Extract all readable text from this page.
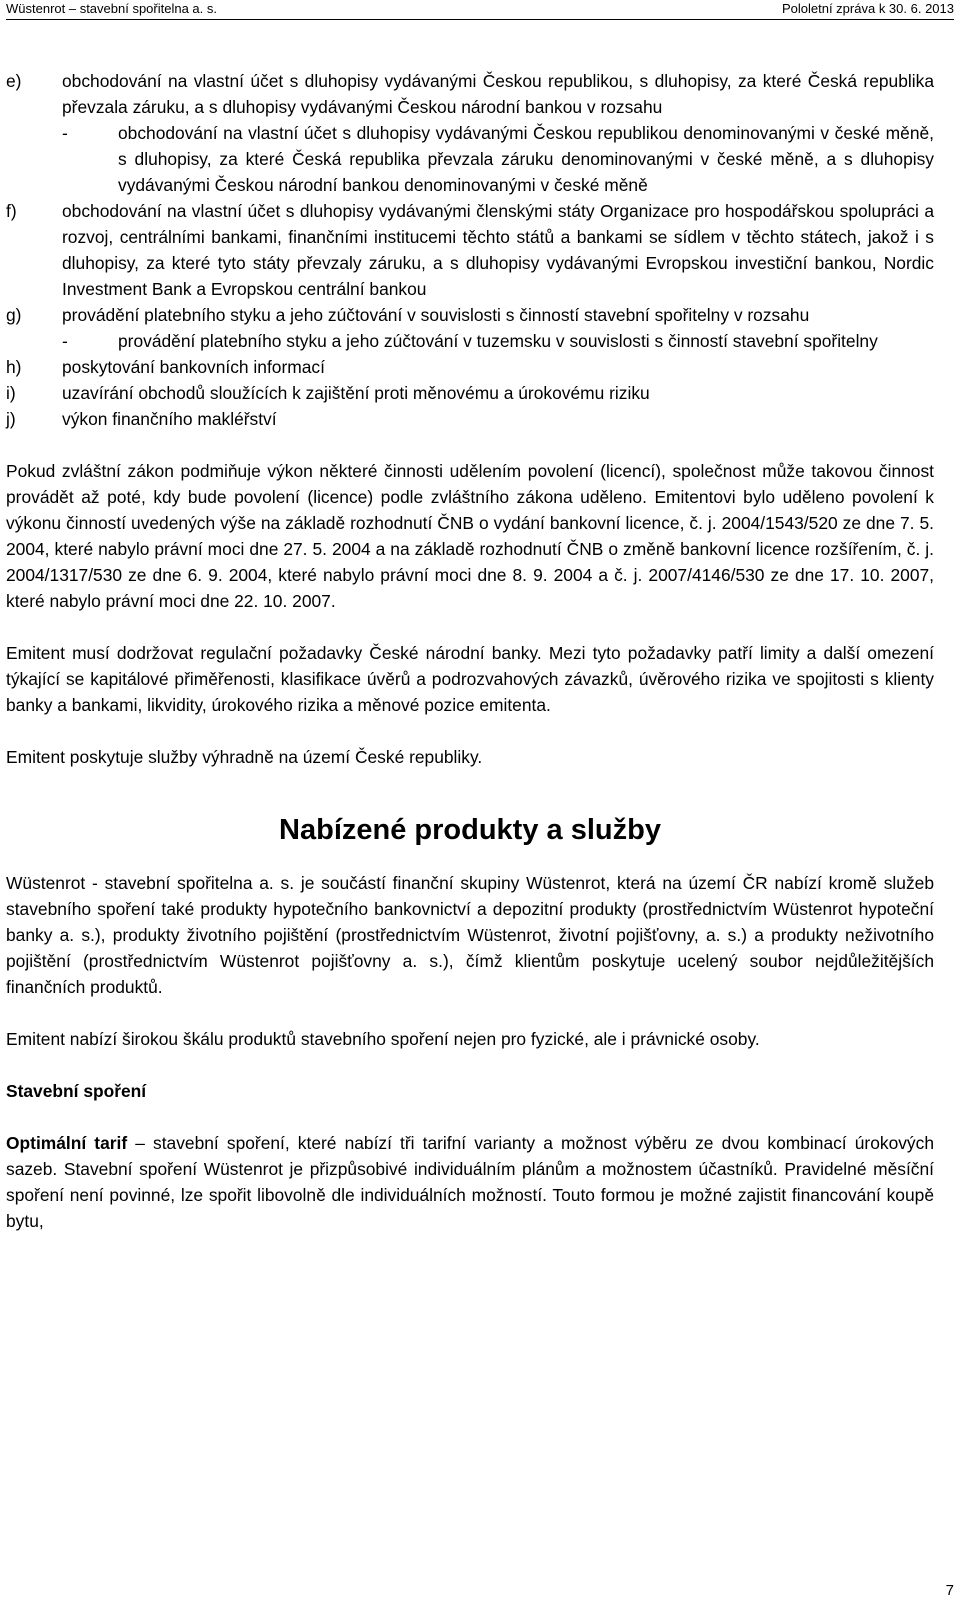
Wüstenrot – stavební spořitelna a. s.	Pololetní zpráva k 30. 6. 2013
e) obchodování na vlastní účet s dluhopisy vydávanými Českou republikou, s dluhopisy, za které Česká republika převzala záruku, a s dluhopisy vydávanými Českou národní bankou v rozsahu
-	obchodování na vlastní účet s dluhopisy vydávanými Českou republikou denominovanými v české měně, s dluhopisy, za které Česká republika převzala záruku denominovanými v české měně, a s dluhopisy vydávanými Českou národní bankou denominovanými v české měně
f)	obchodování na vlastní účet s dluhopisy vydávanými členskými státy Organizace pro hospodářskou spolupráci a rozvoj, centrálními bankami, finančními institucemi těchto států a bankami se sídlem v těchto státech, jakož i s dluhopisy, za které tyto státy převzaly záruku, a s dluhopisy vydávanými Evropskou investiční bankou, Nordic Investment Bank a Evropskou centrální bankou
g) provádění platebního styku a jeho zúčtování v souvislosti s činností stavební spořitelny v rozsahu
-	provádění platebního styku a jeho zúčtování v tuzemsku v souvislosti s činností stavební spořitelny
h) poskytování bankovních informací
i)	uzavírání obchodů sloužících k zajištění proti měnovému a úrokovému riziku
j)	výkon finančního makléřství

Pokud zvláštní zákon podmiňuje výkon některé činnosti udělením povolení (licencí), společnost může takovou činnost provádět až poté, kdy bude povolení (licence) podle zvláštního zákona uděleno. Emitentovi bylo uděleno povolení k výkonu činností uvedených výše na základě rozhodnutí ČNB o vydání bankovní licence, č. j. 2004/1543/520 ze dne 7. 5. 2004, které nabylo právní moci dne 27. 5. 2004 a na základě rozhodnutí ČNB o změně bankovní licence rozšířením, č. j. 2004/1317/530 ze dne 6. 9. 2004, které nabylo právní moci dne 8. 9. 2004 a č. j. 2007/4146/530 ze dne 17. 10. 2007, které nabylo právní moci dne 22. 10. 2007.

Emitent musí dodržovat regulační požadavky České národní banky. Mezi tyto požadavky patří limity a další omezení týkající se kapitálové přiměřenosti, klasifikace úvěrů a podrozvahových závazků, úvěrového rizika ve spojitosti s klienty banky a bankami, likvidity, úrokového rizika a měnové pozice emitenta.

Emitent poskytuje služby výhradně na území České republiky.

Nabízené produkty a služby

Wüstenrot - stavební spořitelna a. s. je součástí finanční skupiny Wüstenrot, která na území ČR nabízí kromě služeb stavebního spoření také produkty hypotečního bankovnictví a depozitní produkty (prostřednictvím Wüstenrot hypoteční banky a. s.), produkty životního pojištění (prostřednictvím Wüstenrot, životní pojišťovny, a. s.) a produkty neživotního pojištění (prostřednictvím Wüstenrot pojišťovny a. s.), čímž klientům poskytuje ucelený soubor nejdůležitějších finančních produktů.

Emitent nabízí širokou škálu produktů stavebního spoření nejen pro fyzické, ale i právnické osoby.

Stavební spoření

Optimální tarif – stavební spoření, které nabízí tři tarifní varianty a možnost výběru ze dvou kombinací úrokových sazeb. Stavební spoření Wüstenrot je přizpůsobivé individuálním plánům a možnostem účastníků. Pravidelné měsíční spoření není povinné, lze spořit libovolně dle individuálních možností. Touto formou je možné zajistit financování koupě bytu,

7
